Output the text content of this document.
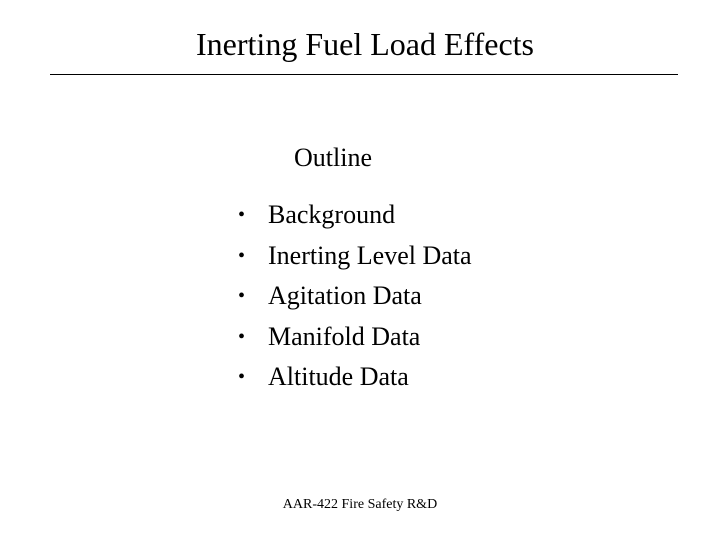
Inerting Fuel Load Effects
Outline
• Background
• Inerting Level Data
• Agitation Data
• Manifold Data
• Altitude Data
AAR-422 Fire Safety R&D
